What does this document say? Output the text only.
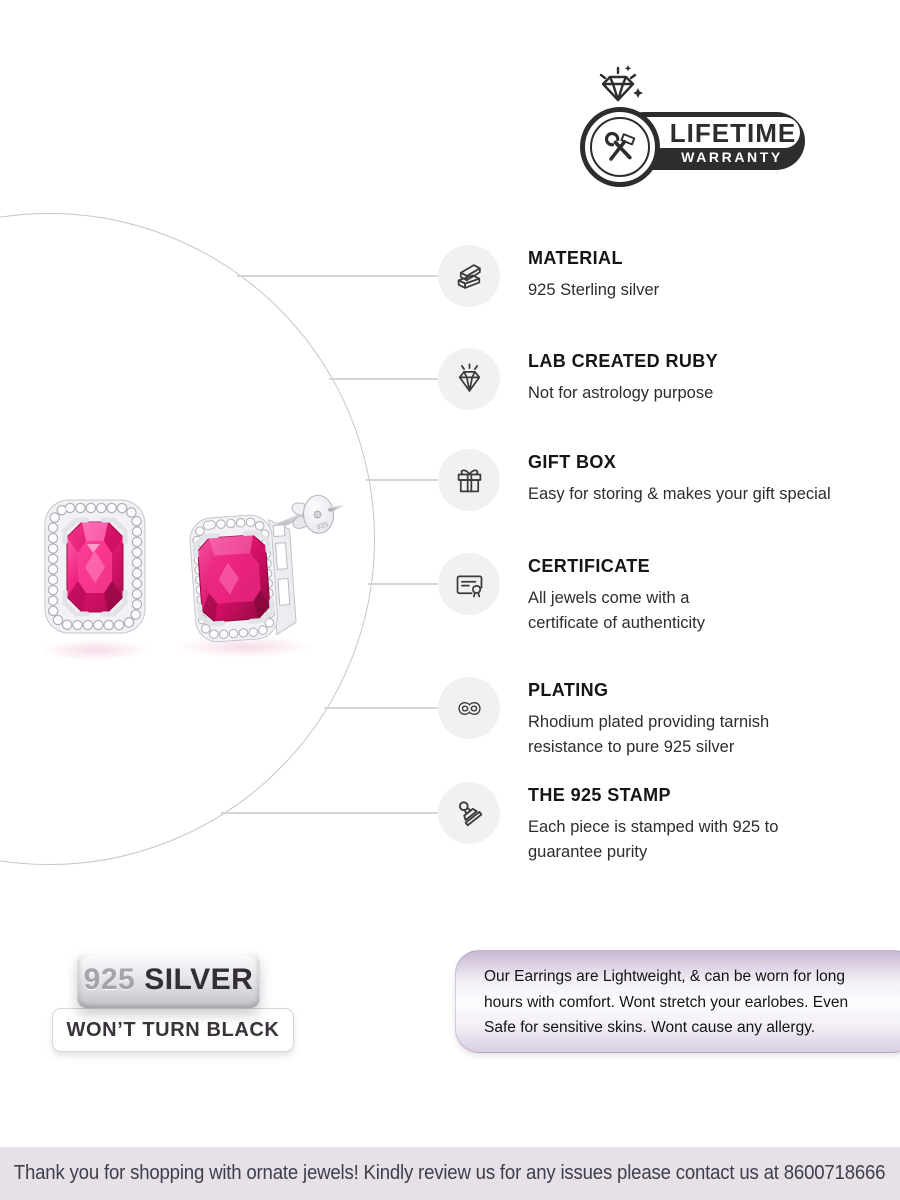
925
LIFETIME
WARRANTY
MATERIAL
925 Sterling silver
LAB CREATED RUBY
Not for astrology purpose
GIFT BOX
Easy for storing & makes your gift special
CERTIFICATE
All jewels come with a
certificate of authenticity
PLATING
Rhodium plated providing tarnish
resistance to pure 925 silver
THE 925 STAMP
Each piece is stamped with 925 to
guarantee purity
925 SILVER
WON’T TURN BLACK
Our Earrings are Lightweight, & can be worn for long
hours with comfort. Wont stretch your earlobes. Even
Safe for sensitive skins. Wont cause any allergy.
Thank you for shopping with ornate jewels! Kindly review us for any issues please contact us at 8600718666
